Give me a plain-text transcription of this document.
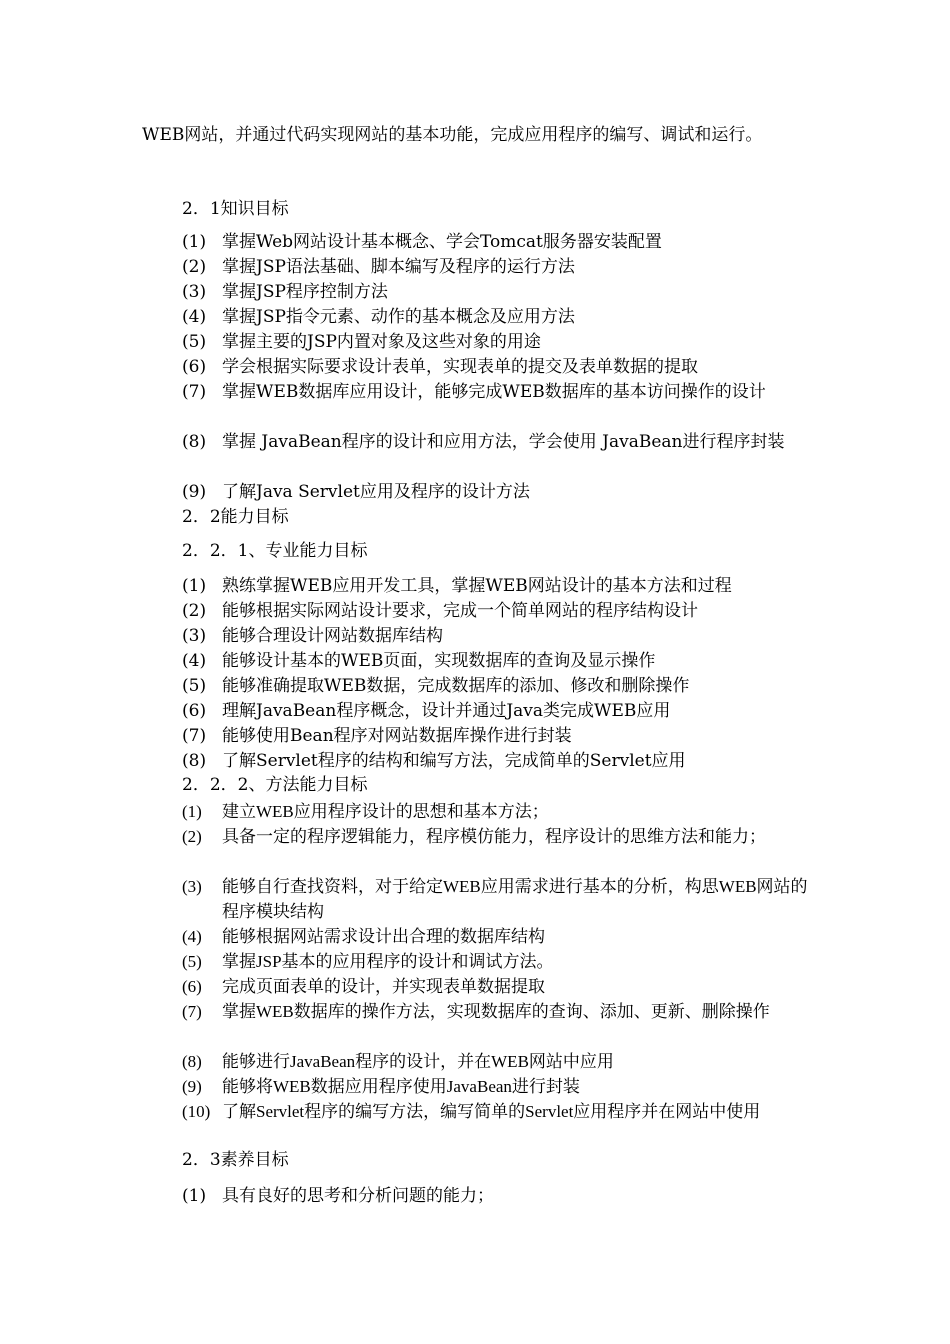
WEB网站，并通过代码实现网站的基本功能，完成应用程序的编写、调试和运行。
2．1知识目标
(1) 掌握Web网站设计基本概念、学会Tomcat服务器安装配置
(2) 掌握JSP语法基础、脚本编写及程序的运行方法
(3) 掌握JSP程序控制方法
(4) 掌握JSP指令元素、动作的基本概念及应用方法
(5) 掌握主要的JSP内置对象及这些对象的用途
(6) 学会根据实际要求设计表单，实现表单的提交及表单数据的提取
(7) 掌握WEB数据库应用设计，能够完成WEB数据库的基本访问操作的设计
(8) 掌握 JavaBean程序的设计和应用方法，学会使用 JavaBean进行程序封装
(9) 了解Java Servlet应用及程序的设计方法
2．2能力目标
2．2．1、专业能力目标
(1) 熟练掌握WEB应用开发工具，掌握WEB网站设计的基本方法和过程
(2) 能够根据实际网站设计要求，完成一个简单网站的程序结构设计
(3) 能够合理设计网站数据库结构
(4) 能够设计基本的WEB页面，实现数据库的查询及显示操作
(5) 能够准确提取WEB数据，完成数据库的添加、修改和删除操作
(6) 理解JavaBean程序概念，设计并通过Java类完成WEB应用
(7) 能够使用Bean程序对网站数据库操作进行封装
(8) 了解Servlet程序的结构和编写方法，完成简单的Servlet应用
2．2．2、方法能力目标
(1)	建立WEB应用程序设计的思想和基本方法；
(2)	具备一定的程序逻辑能力，程序模仿能力，程序设计的思维方法和能力；
(3)	能够自行查找资料，对于给定WEB应用需求进行基本的分析，构思WEB网站的程序模块结构
(4)	能够根据网站需求设计出合理的数据库结构
(5)	掌握JSP基本的应用程序的设计和调试方法。
(6)	完成页面表单的设计，并实现表单数据提取
(7)	掌握WEB数据库的操作方法，实现数据库的查询、添加、更新、删除操作
(8)	能够进行JavaBean程序的设计，并在WEB网站中应用
(9)	能够将WEB数据应用程序使用JavaBean进行封装
(10) 了解Servlet程序的编写方法，编写简单的Servlet应用程序并在网站中使用
2．3素养目标
(1) 具有良好的思考和分析问题的能力；
